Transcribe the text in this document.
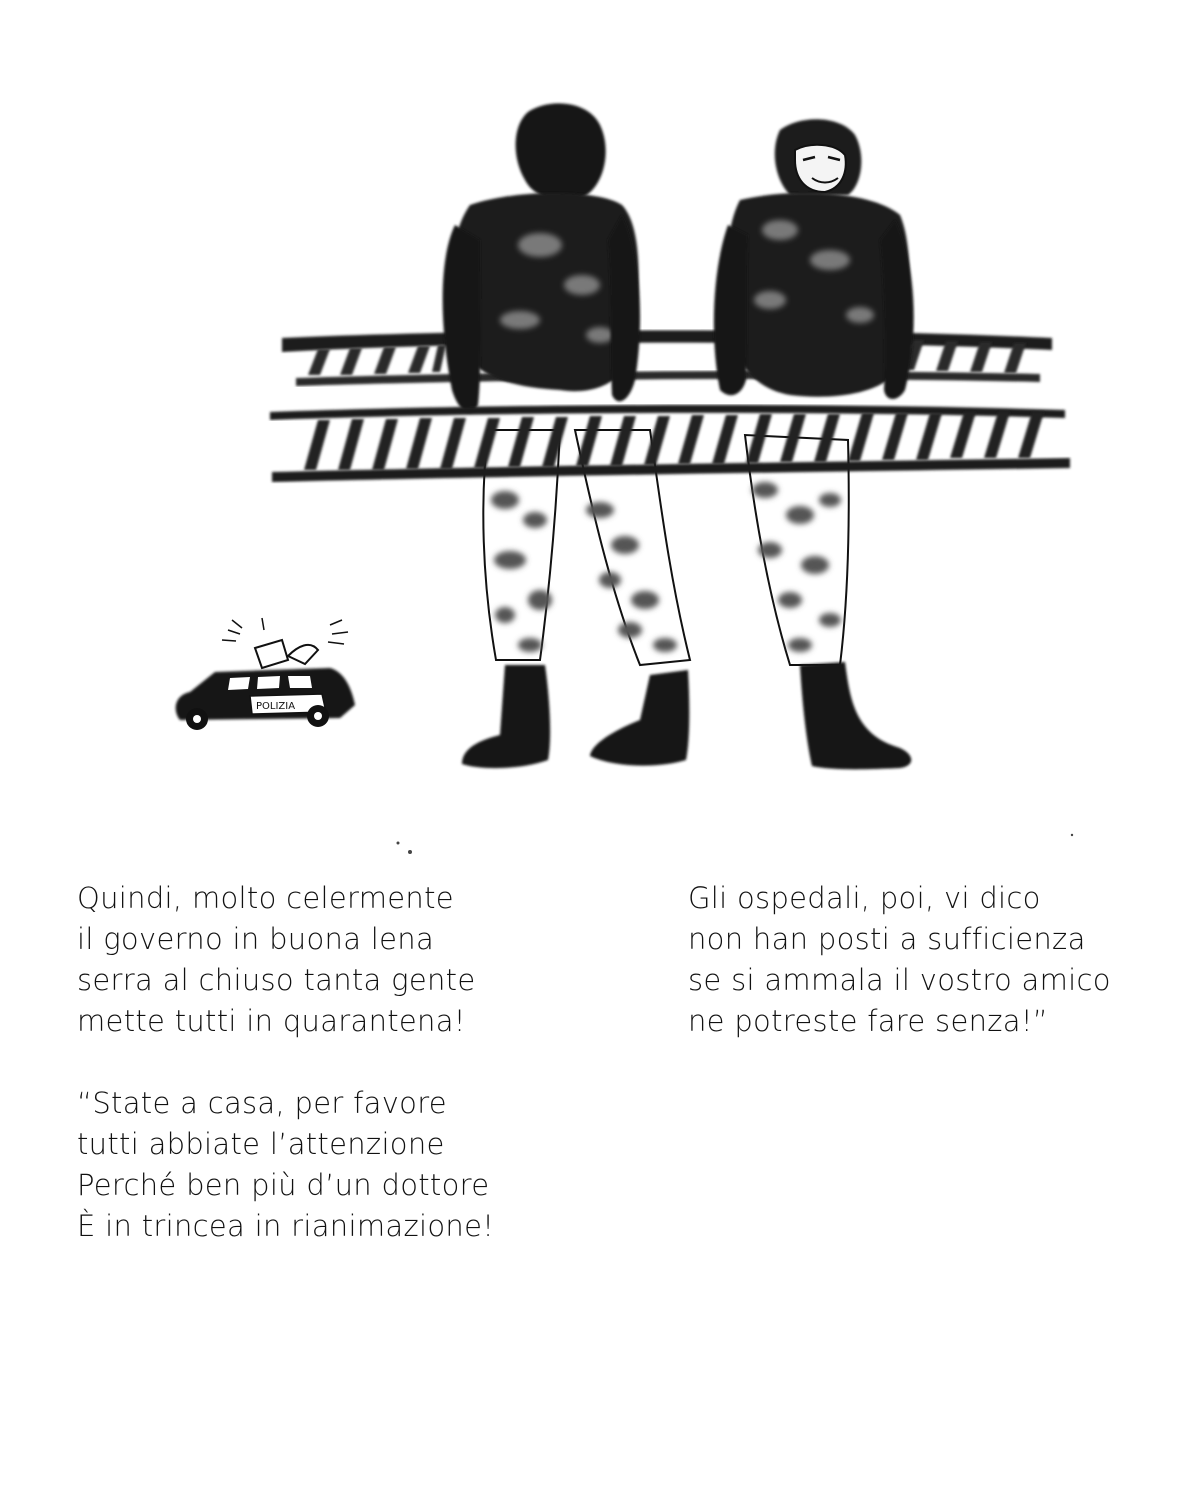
POLIZIA
Quindi, molto celermente
il governo in buona lena
serra al chiuso tanta gente
mette tutti in quarantena!
“State a casa, per favore
tutti abbiate l’attenzione
Perché ben più d’un dottore
È in trincea in rianimazione!
Gli ospedali, poi, vi dico
non han posti a sufficienza
se si ammala il vostro amico
ne potreste fare senza!”
